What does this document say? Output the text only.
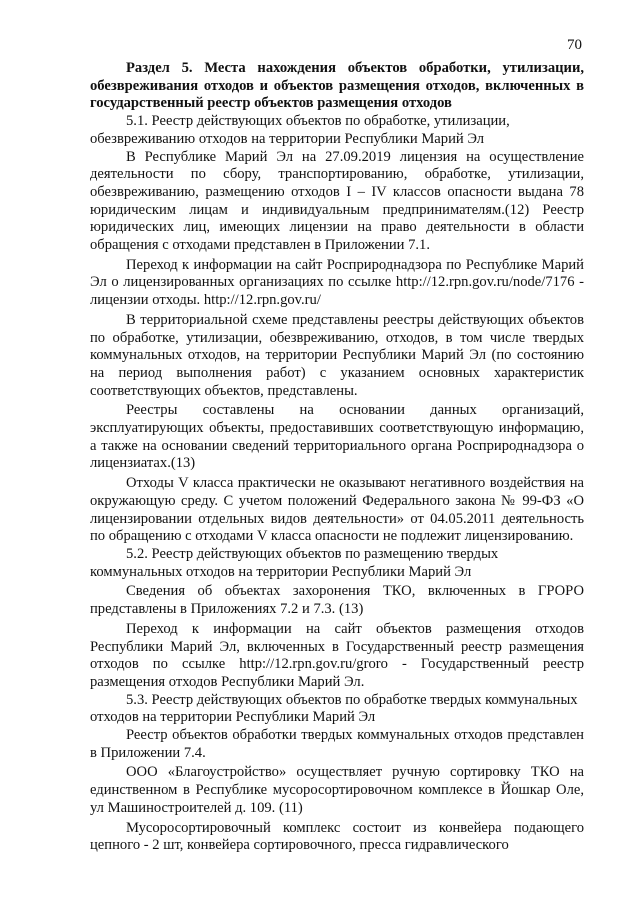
70

Раздел 5. Места нахождения объектов обработки, утилизации, обезвреживания отходов и объектов размещения отходов, включенных в государственный реестр объектов размещения отходов

5.1. Реестр действующих объектов по обработке, утилизации, обезвреживанию отходов на территории Республики Марий Эл

В Республике Марий Эл на 27.09.2019 лицензия на осуществление деятельности по сбору, транспортированию, обработке, утилизации, обезвреживанию, размещению отходов I – IV классов опасности выдана 78 юридическим лицам и индивидуальным предпринимателям.(12) Реестр юридических лиц, имеющих лицензии на право деятельности в области обращения с отходами представлен в Приложении 7.1.

Переход к информации на сайт Росприроднадзора по Республике Марий Эл о лицензированных организациях по ссылке http://12.rpn.gov.ru/node/7176 - лицензии отходы. http://12.rpn.gov.ru/

В территориальной схеме представлены реестры действующих объектов по обработке, утилизации, обезвреживанию, отходов, в том числе твердых коммунальных отходов, на территории Республики Марий Эл (по состоянию на период выполнения работ) с указанием основных характеристик соответствующих объектов, представлены.

Реестры составлены на основании данных организаций, эксплуатирующих объекты, предоставивших соответствующую информацию, а также на основании сведений территориального органа Росприроднадзора о лицензиатах.(13)

Отходы V класса практически не оказывают негативного воздействия на окружающую среду. С учетом положений Федерального закона № 99-ФЗ «О лицензировании отдельных видов деятельности» от 04.05.2011 деятельность по обращению с отходами V класса опасности не подлежит лицензированию.

5.2. Реестр действующих объектов по размещению твердых коммунальных отходов на территории Республики Марий Эл

Сведения об объектах захоронения ТКО, включенных в ГРОРО представлены в Приложениях 7.2 и 7.3. (13)

Переход к информации на сайт объектов размещения отходов Республики Марий Эл, включенных в Государственный реестр размещения отходов по ссылке http://12.rpn.gov.ru/groro - Государственный реестр размещения отходов Республики Марий Эл.

5.3. Реестр действующих объектов по обработке твердых коммунальных отходов на территории Республики Марий Эл

Реестр объектов обработки твердых коммунальных отходов представлен в Приложении 7.4.

ООО «Благоустройство» осуществляет ручную сортировку ТКО на единственном в Республике мусоросортировочном комплексе в Йошкар Оле, ул Машиностроителей д. 109. (11)

Мусоросортировочный комплекс состоит из конвейера подающего цепного - 2 шт, конвейера сортировочного, пресса гидравлического
